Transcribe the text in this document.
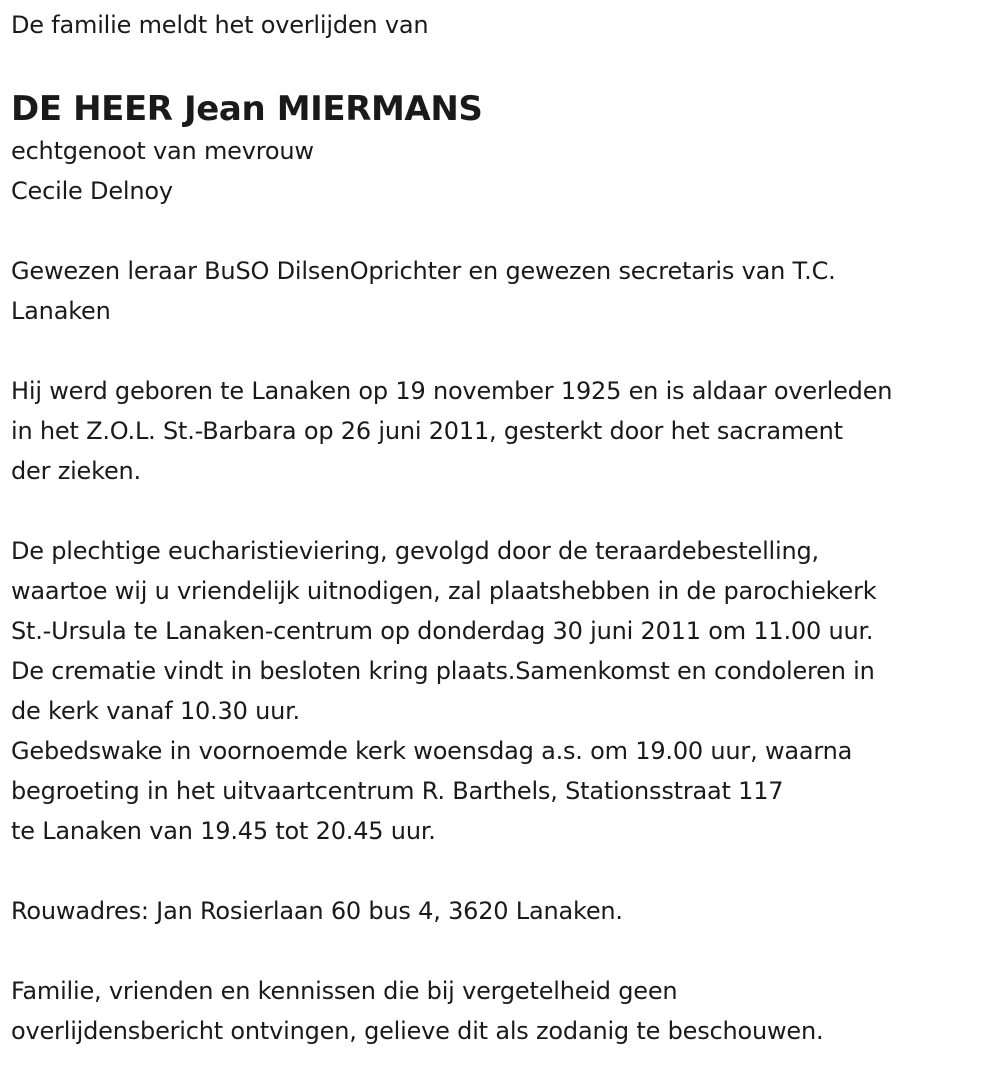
De familie meldt het overlijden van
DE HEER Jean MIERMANS
echtgenoot van mevrouw
Cecile Delnoy
Gewezen leraar BuSO DilsenOprichter en gewezen secretaris van T.C.
Lanaken
Hij werd geboren te Lanaken op 19 november 1925 en is aldaar overleden
in het Z.O.L. St.-Barbara op 26 juni 2011, gesterkt door het sacrament
der zieken.
De plechtige eucharistieviering, gevolgd door de teraardebestelling,
waartoe wij u vriendelijk uitnodigen, zal plaatshebben in de parochiekerk
St.-Ursula te Lanaken-centrum op donderdag 30 juni 2011 om 11.00 uur.
De crematie vindt in besloten kring plaats.Samenkomst en condoleren in
de kerk vanaf 10.30 uur.
Gebedswake in voornoemde kerk woensdag a.s. om 19.00 uur, waarna
begroeting in het uitvaartcentrum R. Barthels, Stationsstraat 117
te Lanaken van 19.45 tot 20.45 uur.
Rouwadres: Jan Rosierlaan 60 bus 4, 3620 Lanaken.
Familie, vrienden en kennissen die bij vergetelheid geen
overlijdensbericht ontvingen, gelieve dit als zodanig te beschouwen.
